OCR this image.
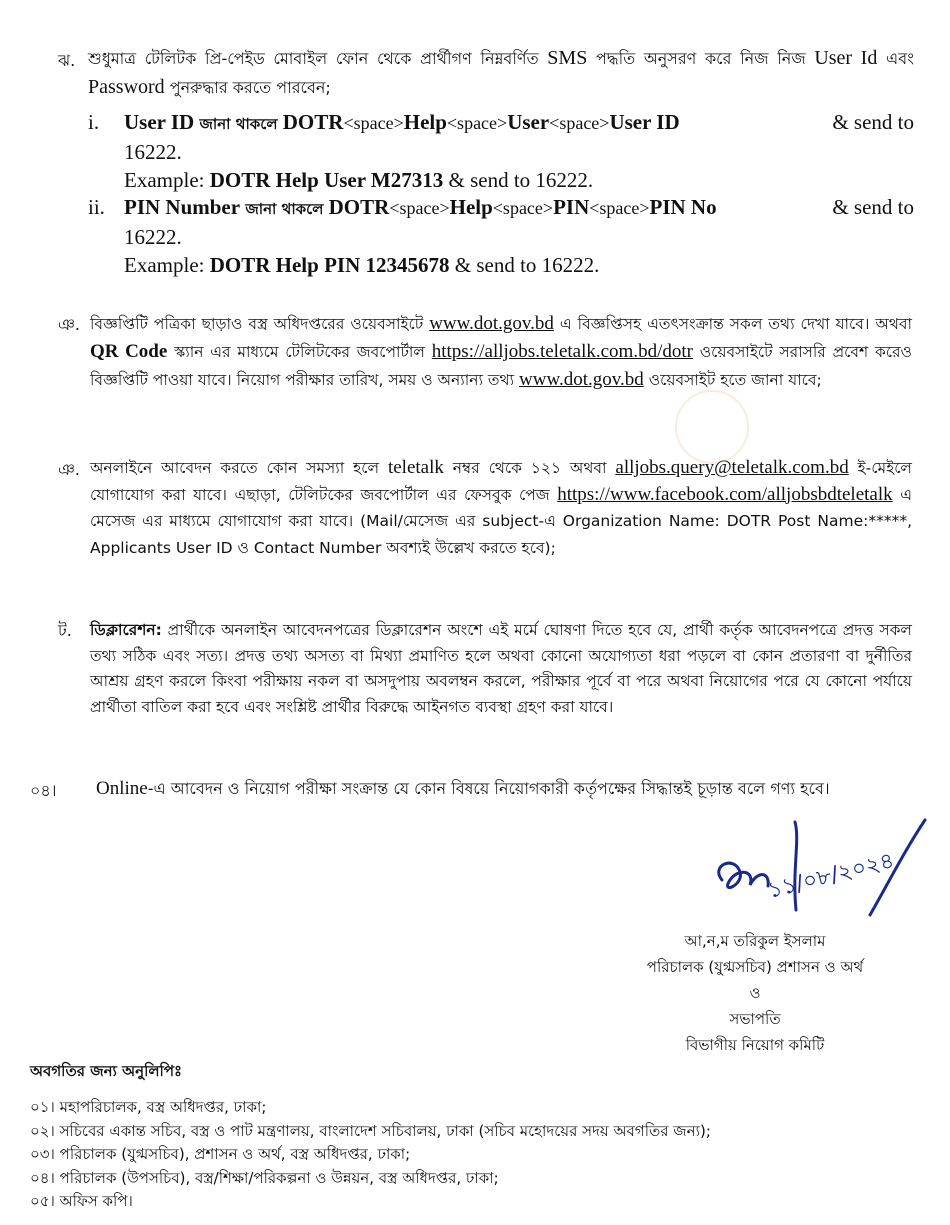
ঝ. শুধুমাত্র টেলিটক প্রি-পেইড মোবাইল ফোন থেকে প্রার্থীগণ নিম্নবর্ণিত SMS পদ্ধতি অনুসরণ করে নিজ নিজ User Id এবং Password পুনরুদ্ধার করতে পারবেন;

i. User ID জানা থাকলে DOTR<space>Help<space>User<space>User ID	& send to
16222.
Example: DOTR Help User M27313 & send to 16222.
ii. PIN Number জানা থাকলে DOTR<space>Help<space>PIN<space>PIN No	& send to
16222.
Example: DOTR Help PIN 12345678 & send to 16222.
ঞ. বিজ্ঞপ্তিটি পত্রিকা ছাড়াও বস্ত্র অধিদপ্তরের ওয়েবসাইটে www.dot.gov.bd এ বিজ্ঞপ্তিসহ এতৎসংক্রান্ত সকল তথ্য দেখা যাবে। অথবা QR Code স্ক্যান এর মাধ্যমে টেলিটকের জবপোর্টাল https://alljobs.teletalk.com.bd/dotr ওয়েবসাইটে সরাসরি প্রবেশ করেও বিজ্ঞপ্তিটি পাওয়া যাবে। নিয়োগ পরীক্ষার তারিখ, সময় ও অন্যান্য তথ্য www.dot.gov.bd ওয়েবসাইট হতে জানা যাবে;

ঞ. অনলাইনে আবেদন করতে কোন সমস্যা হলে teletalk নম্বর থেকে ১২১ অথবা alljobs.query@teletalk.com.bd ই-মেইলে যোগাযোগ করা যাবে। এছাড়া, টেলিটকের জবপোর্টাল এর ফেসবুক পেজ https://www.facebook.com/alljobsbdteletalk এ মেসেজ এর মাধ্যমে যোগাযোগ করা যাবে। (Mail/মেসেজ এর subject-এ Organization Name: DOTR Post Name:*****, Applicants User ID ও Contact Number অবশ্যই উল্লেখ করতে হবে);

ট. ডিক্লারেশন: প্রার্থীকে অনলাইন আবেদনপত্রের ডিক্লারেশন অংশে এই মর্মে ঘোষণা দিতে হবে যে, প্রার্থী কর্তৃক আবেদনপত্রে প্রদত্ত সকল তথ্য সঠিক এবং সত্য। প্রদত্ত তথ্য অসত্য বা মিথ্যা প্রমাণিত হলে অথবা কোনো অযোগ্যতা ধরা পড়লে বা কোন প্রতারণা বা দুর্নীতির আশ্রয় গ্রহণ করলে কিংবা পরীক্ষায় নকল বা অসদুপায় অবলম্বন করলে, পরীক্ষার পূর্বে বা পরে অথবা নিয়োগের পরে যে কোনো পর্যায়ে প্রার্থীতা বাতিল করা হবে এবং সংশ্লিষ্ট প্রার্থীর বিরুদ্ধে আইনগত ব্যবস্থা গ্রহণ করা যাবে।

০৪। Online-এ আবেদন ও নিয়োগ পরীক্ষা সংক্রান্ত যে কোন বিষয়ে নিয়োগকারী কর্তৃপক্ষের সিদ্ধান্তই চূড়ান্ত বলে গণ্য হবে।

১১/০৮/২০২৪
আ,ন,ম তরিকুল ইসলাম
পরিচালক (যুগ্মসচিব) প্রশাসন ও অর্থ
ও
সভাপতি
বিভাগীয় নিয়োগ কমিটি
অবগতির জন্য অনুলিপিঃ
০১। মহাপরিচালক, বস্ত্র অধিদপ্তর, ঢাকা;
০২। সচিবের একান্ত সচিব, বস্ত্র ও পাট মন্ত্রণালয়, বাংলাদেশ সচিবালয়, ঢাকা (সচিব মহোদয়ের সদয় অবগতির জন্য);
০৩। পরিচালক (যুগ্মসচিব), প্রশাসন ও অর্থ, বস্ত্র অধিদপ্তর, ঢাকা;
০৪। পরিচালক (উপসচিব), বস্ত্র/শিক্ষা/পরিকল্পনা ও উন্নয়ন, বস্ত্র অধিদপ্তর, ঢাকা;
০৫। অফিস কপি।
